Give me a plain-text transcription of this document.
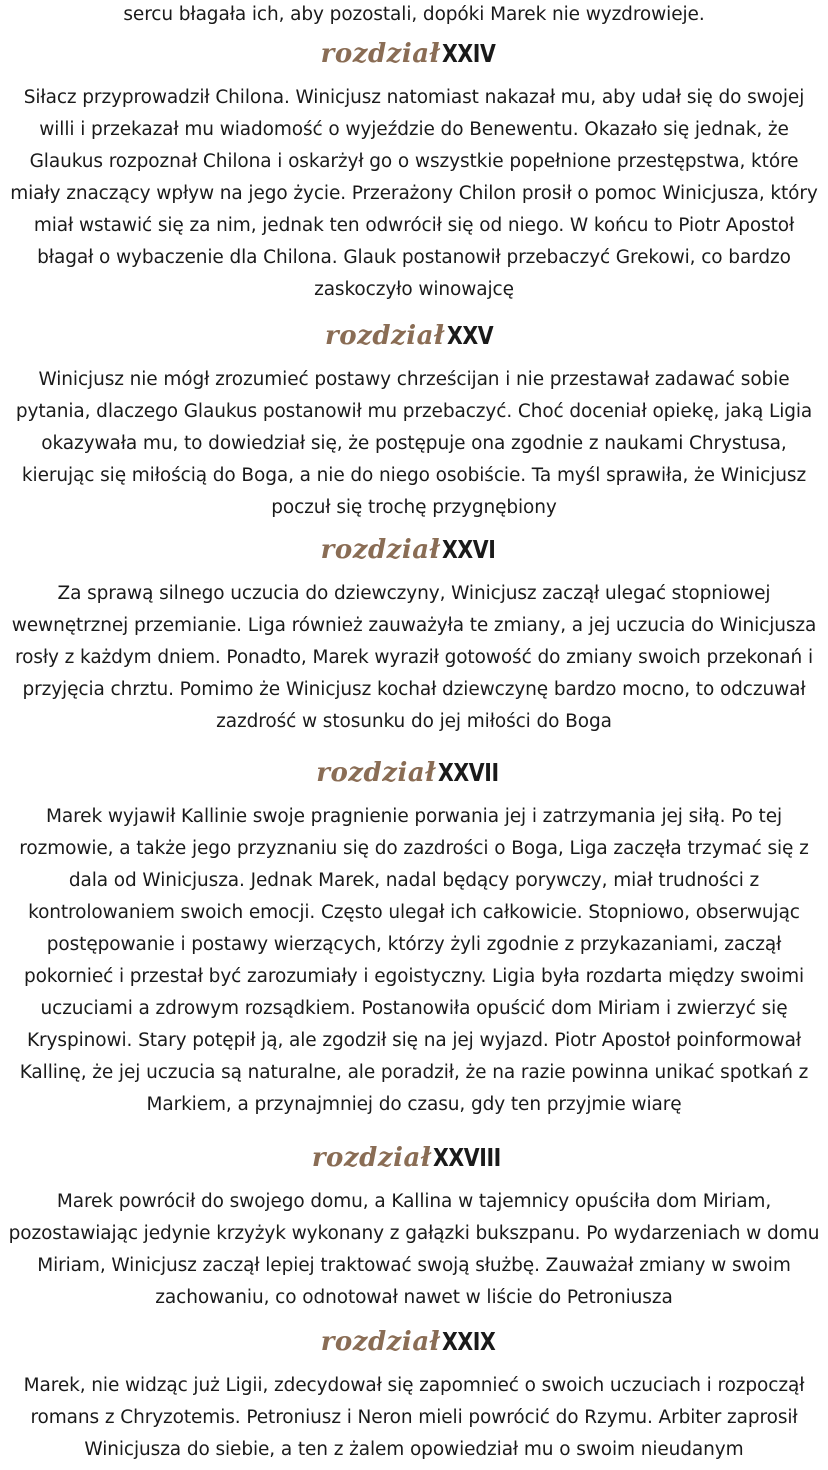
sercu błagała ich, aby pozostali, dopóki Marek nie wyzdrowieje.

rozdziałXXIV

Siłacz przyprowadził Chilona. Winicjusz natomiast nakazał mu, aby udał się do swojej willi i przekazał mu wiadomość o wyjeździe do Benewentu. Okazało się jednak, że Glaukus rozpoznał Chilona i oskarżył go o wszystkie popełnione przestępstwa, które miały znaczący wpływ na jego życie. Przerażony Chilon prosił o pomoc Winicjusza, który miał wstawić się za nim, jednak ten odwrócił się od niego. W końcu to Piotr Apostoł błagał o wybaczenie dla Chilona. Glauk postanowił przebaczyć Grekowi, co bardzo zaskoczyło winowajcę

rozdziałXXV

Winicjusz nie mógł zrozumieć postawy chrześcijan i nie przestawał zadawać sobie pytania, dlaczego Glaukus postanowił mu przebaczyć. Choć doceniał opiekę, jaką Ligia okazywała mu, to dowiedział się, że postępuje ona zgodnie z naukami Chrystusa, kierując się miłością do Boga, a nie do niego osobiście. Ta myśl sprawiła, że Winicjusz poczuł się trochę przygnębiony

rozdziałXXVI

Za sprawą silnego uczucia do dziewczyny, Winicjusz zaczął ulegać stopniowej wewnętrznej przemianie. Liga również zauważyła te zmiany, a jej uczucia do Winicjusza rosły z każdym dniem. Ponadto, Marek wyraził gotowość do zmiany swoich przekonań i przyjęcia chrztu. Pomimo że Winicjusz kochał dziewczynę bardzo mocno, to odczuwał zazdrość w stosunku do jej miłości do Boga

rozdziałXXVII

Marek wyjawił Kallinie swoje pragnienie porwania jej i zatrzymania jej siłą. Po tej rozmowie, a także jego przyznaniu się do zazdrości o Boga, Liga zaczęła trzymać się z dala od Winicjusza. Jednak Marek, nadal będący porywczy, miał trudności z kontrolowaniem swoich emocji. Często ulegał ich całkowicie. Stopniowo, obserwując postępowanie i postawy wierzących, którzy żyli zgodnie z przykazaniami, zaczął pokornieć i przestał być zarozumiały i egoistyczny. Ligia była rozdarta między swoimi uczuciami a zdrowym rozsądkiem. Postanowiła opuścić dom Miriam i zwierzyć się Kryspinowi. Stary potępił ją, ale zgodził się na jej wyjazd. Piotr Apostoł poinformował Kallinę, że jej uczucia są naturalne, ale poradził, że na razie powinna unikać spotkań z Markiem, a przynajmniej do czasu, gdy ten przyjmie wiarę

rozdziałXXVIII

Marek powrócił do swojego domu, a Kallina w tajemnicy opuściła dom Miriam, pozostawiając jedynie krzyżyk wykonany z gałązki bukszpanu. Po wydarzeniach w domu Miriam, Winicjusz zaczął lepiej traktować swoją służbę. Zauważał zmiany w swoim zachowaniu, co odnotował nawet w liście do Petroniusza

rozdziałXXIX

Marek, nie widząc już Ligii, zdecydował się zapomnieć o swoich uczuciach i rozpoczął romans z Chryzotemis. Petroniusz i Neron mieli powrócić do Rzymu. Arbiter zaprosił Winicjusza do siebie, a ten z żalem opowiedział mu o swoim nieudanym
